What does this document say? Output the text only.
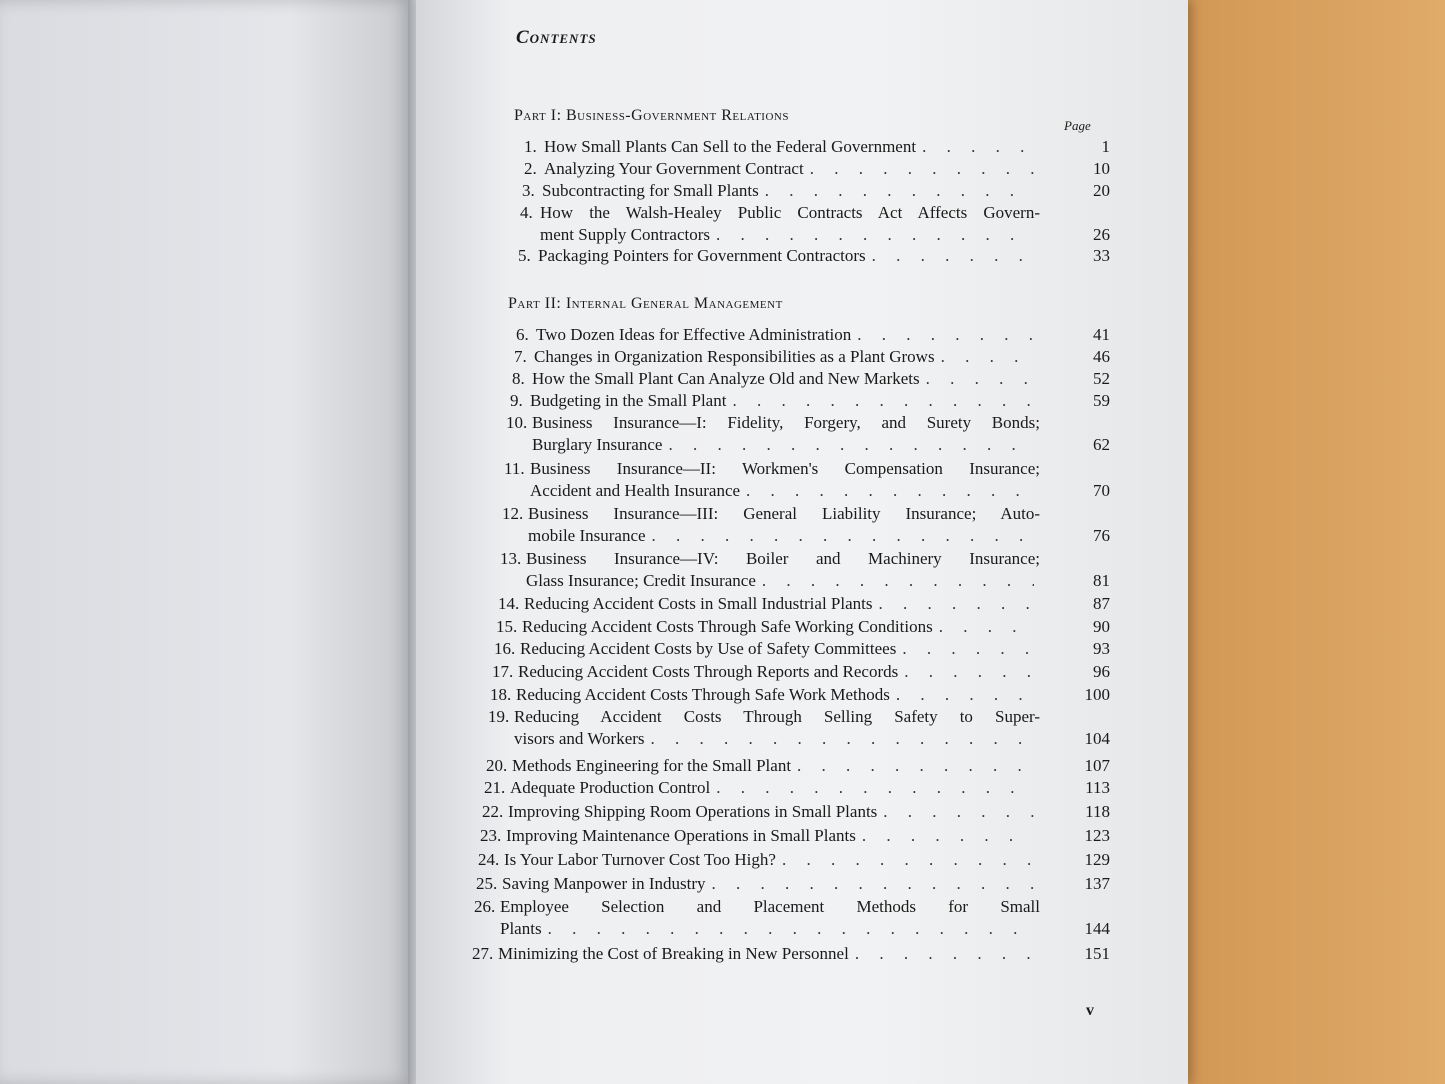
Contents
Part I: Business-Government Relations
Page
Part II: Internal General Management
1. How Small Plants Can Sell to the Federal Government . . .	1
2. Analyzing Your Government Contract . . .	10
3. Subcontracting for Small Plants . . .	20
4. How the Walsh-Healey Public Contracts Act Affects Govern-
ment Supply Contractors . . .	26
5. Packaging Pointers for Government Contractors . . .	33
6. Two Dozen Ideas for Effective Administration . . .	41
7. Changes in Organization Responsibilities as a Plant Grows . . .	46
8. How the Small Plant Can Analyze Old and New Markets . . .	52
9. Budgeting in the Small Plant . . .	59
10. Business Insurance—I: Fidelity, Forgery, and Surety Bonds;
Burglary Insurance . . .	62
11. Business Insurance—II: Workmen's Compensation Insurance;
Accident and Health Insurance . . .	70
12. Business Insurance—III: General Liability Insurance; Auto-
mobile Insurance . . .	76
13. Business Insurance—IV: Boiler and Machinery Insurance;
Glass Insurance; Credit Insurance . . .	81
14. Reducing Accident Costs in Small Industrial Plants . . .	87
15. Reducing Accident Costs Through Safe Working Conditions . . .	90
16. Reducing Accident Costs by Use of Safety Committees . . .	93
17. Reducing Accident Costs Through Reports and Records . . .	96
18. Reducing Accident Costs Through Safe Work Methods . . .	100
19. Reducing Accident Costs Through Selling Safety to Super-
visors and Workers . . .	104
20. Methods Engineering for the Small Plant . . .	107
21. Adequate Production Control . . .	113
22. Improving Shipping Room Operations in Small Plants . . .	118
23. Improving Maintenance Operations in Small Plants . . .	123
24. Is Your Labor Turnover Cost Too High? . . .	129
25. Saving Manpower in Industry . . .	137
26. Employee Selection and Placement Methods for Small
Plants . . .	144
27. Minimizing the Cost of Breaking in New Personnel . . .	151
v
